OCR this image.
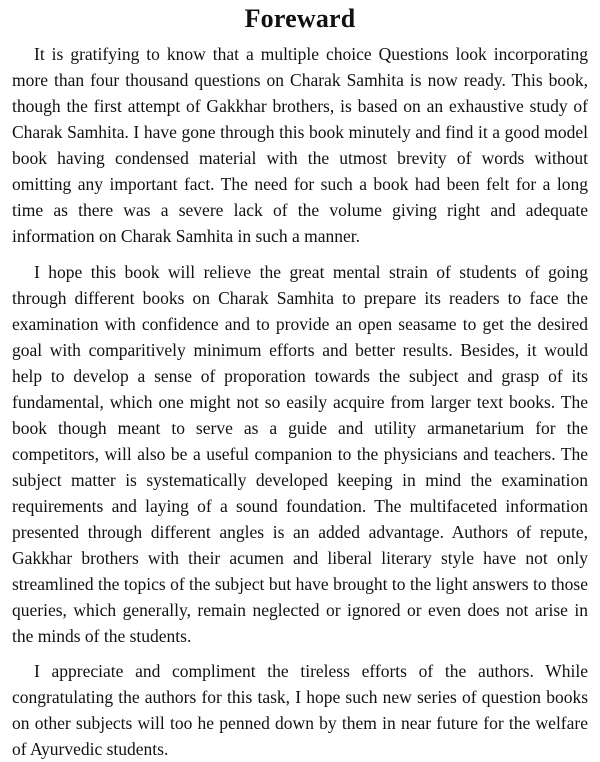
Foreward

It is gratifying to know that a multiple choice Questions look incorporating more than four thousand questions on Charak Samhita is now ready. This book, though the first attempt of Gakkhar brothers, is based on an exhaustive study of Charak Samhita. I have gone through this book minutely and find it a good model book having condensed material with the utmost brevity of words without omitting any important fact. The need for such a book had been felt for a long time as there was a severe lack of the volume giving right and adequate information on Charak Samhita in such a manner.

I hope this book will relieve the great mental strain of students of going through different books on Charak Samhita to prepare its readers to face the examination with confidence and to provide an open seasame to get the desired goal with comparitively minimum efforts and better results. Besides, it would help to develop a sense of proporation towards the subject and grasp of its fundamental, which one might not so easily acquire from larger text books. The book though meant to serve as a guide and utility armanetarium for the competitors, will also be a useful companion to the physicians and teachers. The subject matter is systematically developed keeping in mind the examination requirements and laying of a sound foundation. The multifaceted information presented through different angles is an added advantage. Authors of repute, Gakkhar brothers with their acumen and liberal literary style have not only streamlined the topics of the subject but have brought to the light answers to those queries, which generally, remain neglected or ignored or even does not arise in the minds of the students.

I appreciate and compliment the tireless efforts of the authors. While congratulating the authors for this task, I hope such new series of question books on other subjects will too he penned down by them in near future for the welfare of Ayurvedic students.
